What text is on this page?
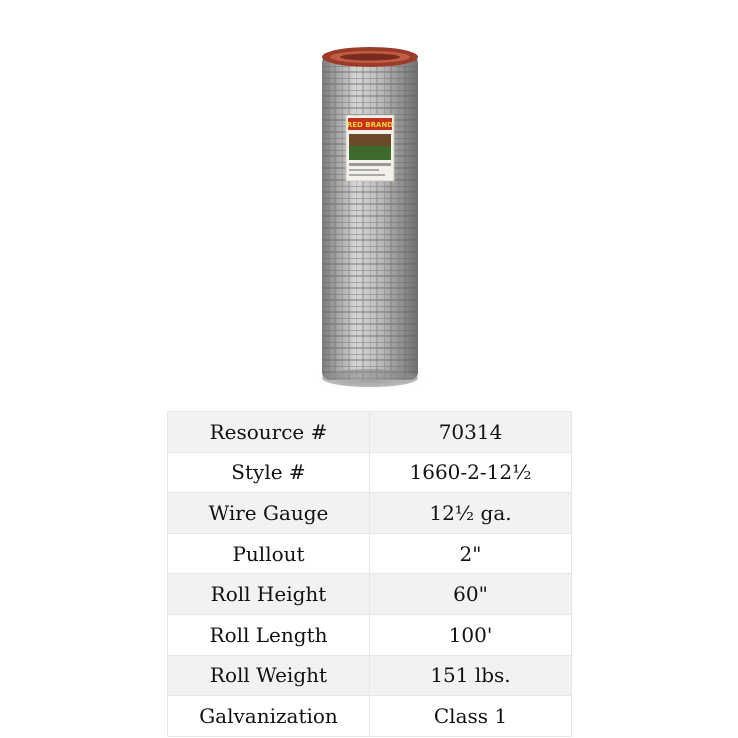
RED BRAND
Resource #	70314
Style #	1660-2-12½
Wire Gauge	12½ ga.
Pullout	2"
Roll Height	60"
Roll Length	100'
Roll Weight	151 lbs.
Galvanization	Class 1
